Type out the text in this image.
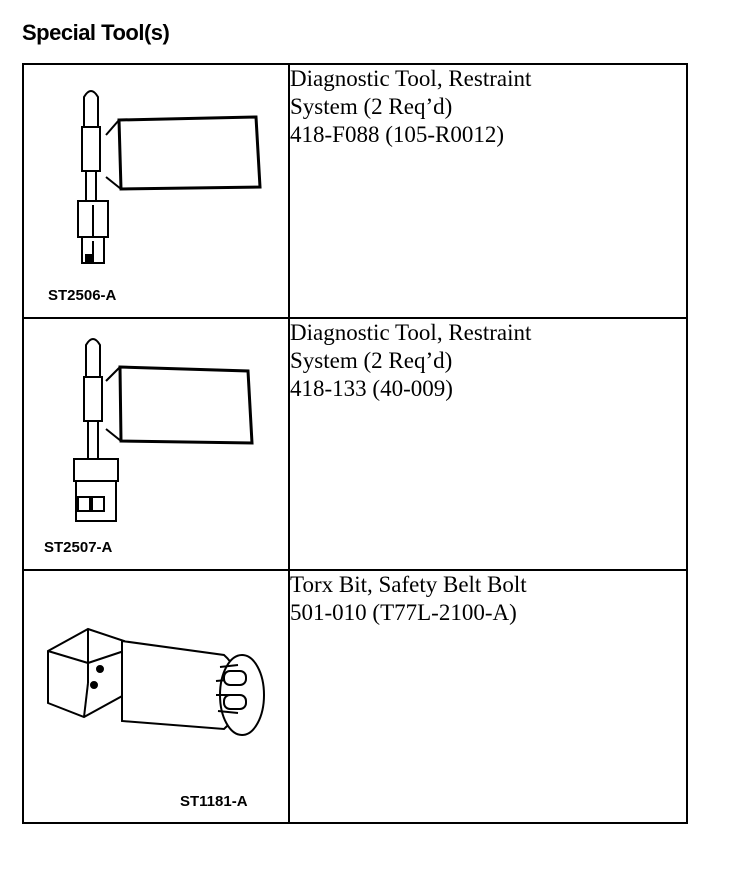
Special Tool(s)
ST2506-A	Diagnostic Tool, Restraint
System (2 Req’d)
418-F088 (105-R0012)

ST2507-A	Diagnostic Tool, Restraint
System (2 Req’d)
418-133 (40-009)

ST1181-A	Torx Bit, Safety Belt Bolt
501-010 (T77L-2100-A)
